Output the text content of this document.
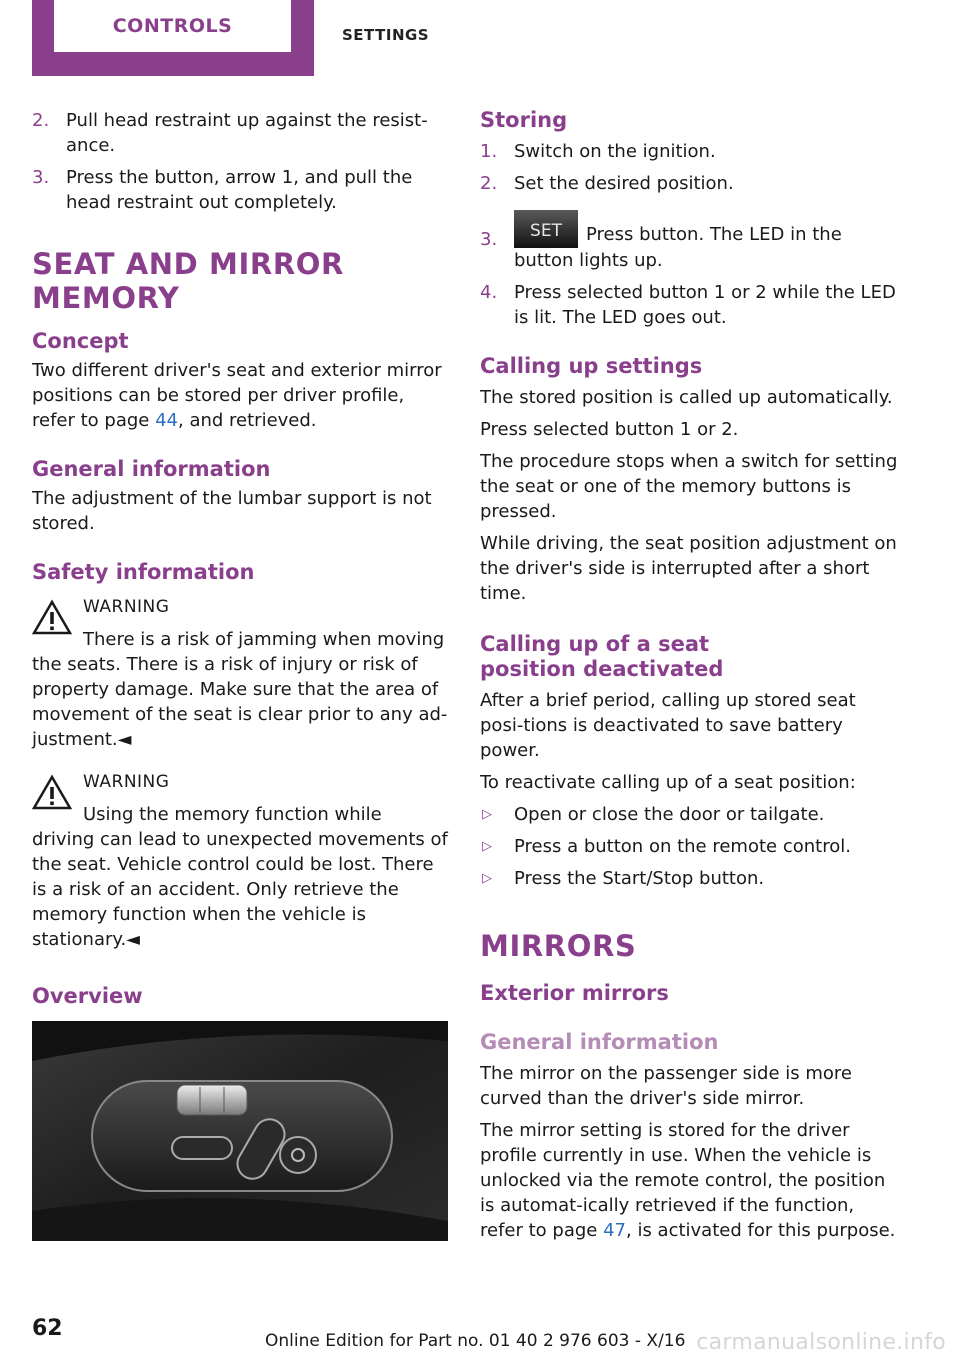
CONTROLS	SETTINGS
2. Pull head restraint up against the resist-ance.
3. Press the button, arrow 1, and pull the head restraint out completely.
SEAT AND MIRROR MEMORY
Concept

Two different driver's seat and exterior mirror positions can be stored per driver profile, refer to page 44, and retrieved.

General information

The adjustment of the lumbar support is not stored.

Safety information
WARNING

There is a risk of jamming when moving the seats. There is a risk of injury or risk of property damage. Make sure that the area of movement of the seat is clear prior to any ad-justment.◄

WARNING

Using the memory function while driving can lead to unexpected movements of the seat. Vehicle control could be lost. There is a risk of an accident. Only retrieve the memory function when the vehicle is stationary.◄

Overview
Storing
1. Switch on the ignition.
2. Set the desired position.
3. SET Press button. The LED in the button lights up.
4. Press selected button 1 or 2 while the LED is lit. The LED goes out.
Calling up settings

The stored position is called up automatically.

Press selected button 1 or 2.

The procedure stops when a switch for setting the seat or one of the memory buttons is pressed.

While driving, the seat position adjustment on the driver's side is interrupted after a short time.

Calling up of a seat position deactivated

After a brief period, calling up stored seat posi-tions is deactivated to save battery power.

To reactivate calling up of a seat position:

▷ Open or close the door or tailgate.
▷ Press a button on the remote control.
▷ Press the Start/Stop button.
MIRRORS
Exterior mirrors
General information

The mirror on the passenger side is more curved than the driver's side mirror.

The mirror setting is stored for the driver profile currently in use. When the vehicle is unlocked via the remote control, the position is automat-ically retrieved if the function, refer to page 47, is activated for this purpose.

62	Online Edition for Part no. 01 40 2 976 603 - X/16 carmanualsonline.info
